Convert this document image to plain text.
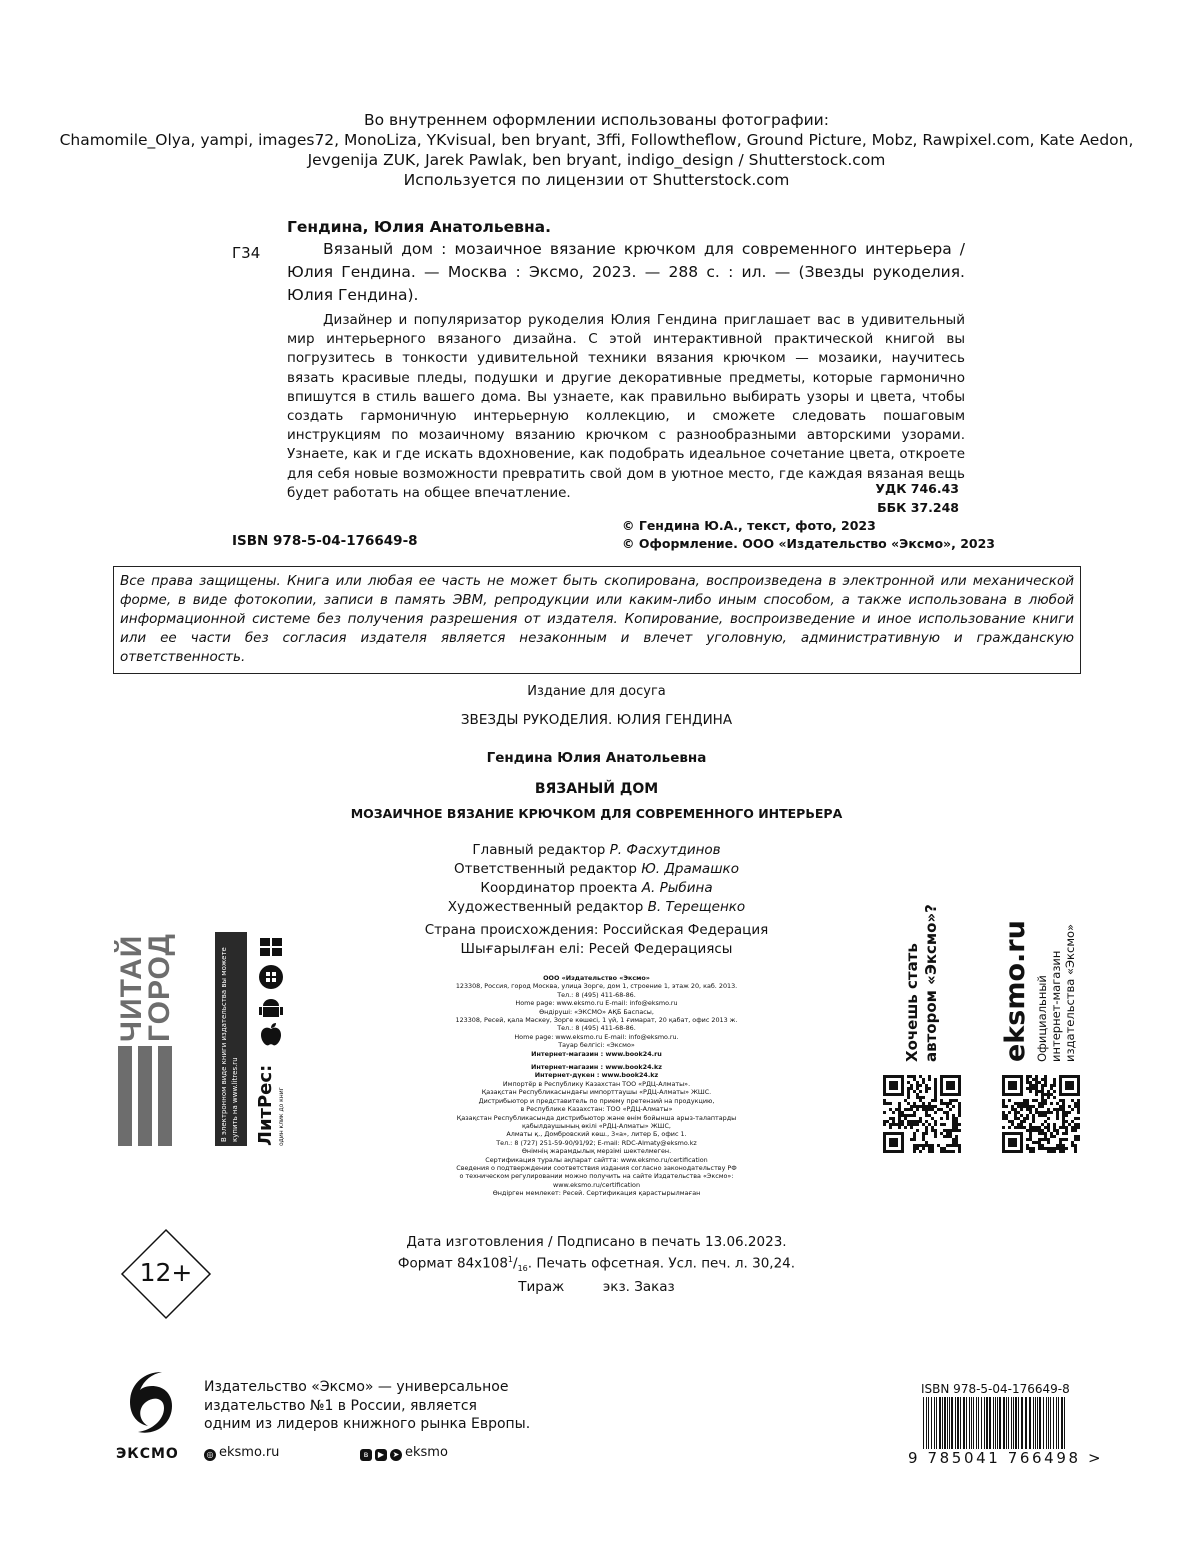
Во внутреннем оформлении использованы фотографии:
Chamomile_Olya, yampi, images72, MonoLiza, YKvisual, ben bryant, 3ffi, Followtheflow, Ground Picture, Mobz, Rawpixel.com, Kate Aedon,
Jevgenija ZUK, Jarek Pawlak, ben bryant, indigo_design / Shutterstock.com
Используется по лицензии от Shutterstock.com
Гендина, Юлия Анатольевна.
Г34	Вязаный дом : мозаичное вязание крючком для современного интерьера / Юлия Гендина. — Москва : Эксмо, 2023. — 288 с. : ил. — (Звезды рукоделия. Юлия Гендина).
Дизайнер и популяризатор рукоделия Юлия Гендина приглашает вас в удивительный мир интерьерного вязаного дизайна. С этой интерактивной практической книгой вы погрузитесь в тонкости удивительной техники вязания крючком — мозаики, научитесь вязать красивые пледы, подушки и другие декоративные предметы, которые гармонично впишутся в стиль вашего дома. Вы узнаете, как правильно выбирать узоры и цвета, чтобы создать гармоничную интерьерную коллекцию, и сможете следовать пошаговым инструкциям по мозаичному вязанию крючком с разнообразными авторскими узорами. Узнаете, как и где искать вдохновение, как подобрать идеальное сочетание цвета, откроете для себя новые возможности превратить свой дом в уютное место, где каждая вязаная вещь будет работать на общее впечатление.	УДК 746.43
ББК 37.248
ISBN 978-5-04-176649-8
© Гендина Ю.А., текст, фото, 2023
© Оформление. ООО «Издательство «Эксмо», 2023
Все права защищены. Книга или любая ее часть не может быть скопирована, воспроизведена в электронной или механической форме, в виде фотокопии, записи в память ЭВМ, репродукции или каким-либо иным способом, а также использована в любой информационной системе без получения разрешения от издателя. Копирование, воспроизведение и иное использование книги или ее части без согласия издателя является незаконным и влечет уголовную, административную и гражданскую ответственность.
Издание для досуга
ЗВЕЗДЫ РУКОДЕЛИЯ. ЮЛИЯ ГЕНДИНА
Гендина Юлия Анатольевна
ВЯЗАНЫЙ ДОМ
МОЗАИЧНОЕ ВЯЗАНИЕ КРЮЧКОМ ДЛЯ СОВРЕМЕННОГО ИНТЕРЬЕРА
Главный редактор Р. Фасхутдинов
Ответственный редактор Ю. Драмашко
Координатор проекта А. Рыбина
Художественный редактор В. Терещенко
Страна происхождения: Российская Федерация
Шығарылған елі: Ресей Федерациясы
ООО «Издательство «Эксмо»
123308, Россия, город Москва, улица Зорге, дом 1, строение 1, этаж 20, каб. 2013.
Тел.: 8 (495) 411-68-86.
Home page: www.eksmo.ru E-mail: info@eksmo.ru
Өндіруші: «ЭКСМО» АҚБ Баспасы,
123308, Ресей, қала Мәскеу, Зорге көшесі, 1 үй, 1 ғимарат, 20 қабат, офис 2013 ж.
Тел.: 8 (495) 411-68-86.
Home page: www.eksmo.ru E-mail: info@eksmo.ru.
Тауар белгісі: «Эксмо»
Интернет-магазин : www.book24.ru
Интернет-магазин : www.book24.kz
Интернет-дүкен : www.book24.kz
Импортёр в Республику Казахстан ТОО «РДЦ-Алматы».
Қазақстан Республикасындағы импорттаушы «РДЦ-Алматы» ЖШС.
Дистрибьютор и представитель по приему претензий на продукцию,
в Республике Казахстан: ТОО «РДЦ-Алматы»
Қазақстан Республикасында дистрибьютор және өнім бойынша арыз-талаптарды
қабылдаушының өкілі «РДЦ-Алматы» ЖШС,
Алматы қ., Домбровский көш., 3«а», литер Б, офис 1.
Тел.: 8 (727) 251-59-90/91/92; E-mail: RDC-Almaty@eksmo.kz
Өнімнің жарамдылық мерзімі шектелмеген.
Сертификация туралы ақпарат сайтта: www.eksmo.ru/certification
Сведения о подтверждении соответствия издания согласно законодательству РФ
о техническом регулировании можно получить на сайте Издательства «Эксмо»:
www.eksmo.ru/certification
Өндірген мемлекет: Ресей. Сертификация қарастырылмаған
Дата изготовления / Подписано в печать 13.06.2023.
Формат $84x108^1/_{16}$. Печать офсетная. Усл. печ. л. 30,24.
Тираж         экз. Заказ
12+
ЧИТАЙ
ГОРОД	В электронном виде книги издательства вы можете купить на www.litres.ru ЛитРес: один клик до книг
Хочешь стать автором «Эксмо»? eksmo.ru Официальный интернет-магазин издательства «Эксмо»
ЭКСМО
Издательство «Эксмо» — универсальное
издательство №1 в России, является
одним из лидеров книжного рынка Европы.
◎ eksmo.ru	в ▶ ➤ eksmo
ISBN 978-5-04-176649-8
9 785041 766498 >
